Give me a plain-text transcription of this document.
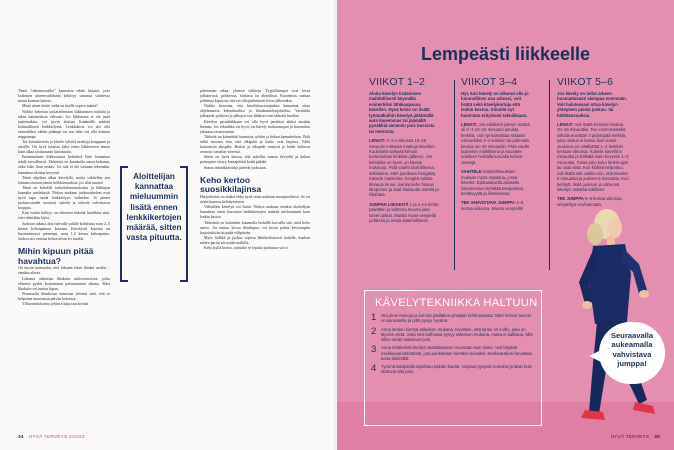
Tämä ”rakennusvaihe” kannattaa tehdä hitaasti, jotta kudosten aineenvaihdunta kehittyy samassa suhteessa muun kunnon kanssa.

Mistä sitten tietää, mikä on itselle sopiva määrä?

Nirkko kehottaa tarkastelemaan liikkumisen määrää ja aikaa tuntemuksia vahvasti. Jos liikkuessa ei ole juuri tuntemuksia, voi hyvin aloittaa lisäämällä määrää kohtuullisesti lenkkeilyssä. Lenkkikerta voi siis olla esimerkiksi vähän pidempi tai sen tahti voi olla hieman reippaampi.

Tee kotiaskereita ja kävele lyhyitä matkoja kauppaan ja asioille. On hyvä totuttaa keho ensin liikkeeseen ennen kuin alkaa rasittamaan harrastusta.

Ensimmäinen liikkuvuutta kehittävä liike kannattaa tehdä turvallisesti. Tärkeintä on kuunnella omaa kehoaan, onko liike liian raskas. Jos sitä ei ole tottunut tekemään, kannattaa aloittaa kevyesti.

Tämä ohjelma alkaa kävelyllä, mutta vähitellen sen lomaan otetaan pieniä hölkkäosuuksia, jos siltä tuntuu!

Tämä on kehollle tarkoituksenmukaista ja liikkujan kannalta mielekästä. Nirkon mukaan juoksuaskeleet ovat hyvä tapa tuoda lenkkeilyyn vaihtelua. Jo pienet juoksuosuudet nostavat sykettä ja tekevät vahvistavat kroppaa.

Kun vauhti kiihtyy, on ehtoinen tärkeää huolehtia siitä, ettei tekniikka kärsi.

Juoksun aikana alas tulevalle jalalle kohdistuu noin 2–5 kertaa kehonpainon kuorma. Kävelyssä kuorma on huomattavasti pienempi, noin 1,2 kertaa kehonpaino. Juoksu siis rasittaa kehoa aivan eri tavalla.

Mihin kipuun pitää havahtua?

On täysin normaalia, että liikunta tekee lihaksi aroiksi – etenkin alussa.

Liikunta aiheuttaa lihaksiin mikrovaurioita, jotka elimistö pyrkii korjaamaan palautumisen aikana. Siksi lihaksiin voi tuntua kipua.

Normaalin lihaskivun tunnistaa yleensä siitä, että se helpottaa muutaman päivän kuluessa.

Yliluormituksesta johtuva kipu taas kestää

Aloittelijan kannattaa mieluummin lisätä ennen lenkkikertojen määrää, sitten vasta pituutta.

pidemmän aikaa, yleensä viikkoja. Tyypillisimpiä ovat kivut jalkaterissä, pohkeissa, lonkissa tai alaselässä. Kuormitus saattaa pahentaa kipua tai sitä voi olla pidemmän levon jälkeenkin.

Nirkko korostaa, että kävelyharrastajankin kannattaa ottaa ohjelmaansa kehonhuoltoa ja lihaskuntoharjoittelua. Varsinkin jalkaterät, pohkeet ja jalkojen isot lihakset ovat tärkeitä huoltaa.

Kävelyn peruskiihkaan voi olla hyvä perehtyä aluksi ainakin hieman. Jos tekniikka on hyvä, on kävely mukavampaa ja kuormitus jakautuu tasaisemmin.

Tärkeää on kiinnittää huomiota ryhtiin ja kehon kannatteluun. Pidä selkä suorana niin, että olkapäät ja lantio ovat linjassa. Vältä katsomista alaspäin. Hartiat ja olkapäät rennosti ja kädet heiluvat rennosti vartalon vieressä.

Sitten on hyvä katsoa, että askellus tuntuu kevyeltä ja kehon painopiste siirtyy kantapäästä kohti päkiää.

Samat tekniikkavinkit pätevät juoksuun.

Keho kertoo suosikkilajinsa

Harjoittelusi on aluksi ehkä hyvä ottaa mukaan monipuolisesti. Se on avain kunnon kehittymiseen.

Vähitellen kävelyä voi lisätä. Nirkon mukaan etenkin aloittelijan kannattaa ensin kasvattaa lenkkikertojen määrää mieluummin kuin lenkin kestoa.

Tärkeintä on kuitenkin kuunnella herkällä korvalla sitä, mitä keho sanoo. Jos tuntuu kovaa lihaskipua, voi hyvin palata kevyempiin harjoituksiin tai pitää välipäivän.

Myös hölkkä ja juoksu sopivat lähtökohtaisesti kaikille, kunhan niiden pariin siirrytään maltilla.

Keho kyllä kertoo, tottuuko se lopulta juoksuun vai ei.

34 HYVÄ TERVEYS 2/2022
Lempeästi liikkeelle
VIIKOT 1–2
Aloita kävelyn lisäämisen mahdollisesti käymällä esimerkiksi lähikaupassa kävellen. Hyvä keino on lisätä työmatkoihin kävelyä jättämällä auto kauemmas tai jäämällä pysäkkiä aiemmin pois bussista tai metrosta.
LENKIT: 2–3 x viikossa 10–15 minuutin mittaisia matkoja kävellen. Kuulostele tarkasti kehosi tuntemuksia lenkkien jälkeen. Jos tekniikka on hyvä, on kävely mukavaa. Pidä vauhti rauhallisena, sellaisena, ettet juurikaan hengästy. Katsele maisemia, hengitä raitista ilmaa ja tunne, kuinka keho hiukan lämpenee ja saat tilaisuutta miettiä ja liikahtaa.
JUMPAN LIIKKEITÄ 1 ja 2 voi tehdä päivittäin ja kahtena muuna joka toinen päivä. Muista myös venytellä pohkeita ja reisiä säännöllisesti.
VIIKOT 3–4
Hyt, kun kävely on alkanut olla jo luonnollinen osa arkeasi, voit lisätä sekä kävelykertoja että lenkin kestoa. Kiinnitä nyt huomiota erityisesti tekniikkaan.
LENKIT: Jos edellisen jakson määrä oli 2–3 10–15 minuutin pituista lenkkiä, voit nyt kasvattaa määrän esimerkiksi 3–4 lenkkiin tai pidentää kestoa 15–30 minuuttiin. Pidä vauhti kuitenkin maltillisena ja kuuntele edelleen herkällä korvalla kehosi viestejä.
VAIHTELE mahdollisuuksien mukaan myös maastoa, jossa kävelet. Epätasaisella alustalla käveleminen kehittää tasapainoa, kestävyyttä ja lihaskuntoa.
TEE VAHVISTAVA JUMPPA 4–5 kertaa viikossa. Muista venytellä!
VIIKOT 5–6
Jos kävely on tullut arkeen huomattavasti aiempaa enemmän. Voit halutessasi ottaa kävelyn yhteyteen pieniä juoksu- tai hölkkäosuuksia.
LENKIT: Voit lisätä lenkkien kestoa 30–45 minuuttiin. Tee ensimmäisellä viikolla enintään 3 pidempää lenkkiä, jotta rasitus ei kasva liian isoksi. Juoksua voi sisällyttää 1–2 lenkkiin kertaan viikossa. Kokeile kävellä 5 minuuttia ja hölkätä siten kevyesti 1–2 minuuttia. Toista joko koko lenkin ajan tai osan siitä. Kun hölkkä helpottuu, voit lisätä sitä vaikka niin, että kävelet 5 minuuttia ja juokset 5 minuuttia. Kun kehitytt, lisää juoksun ja vähennä kävelyn määrää edelleen.
TEE JUMPPA 5–6 kertaa viikossa, venytellyä unohtamatta.
KÄVELYTEKNIIKKA HALTUUN
1	Ota pieni etunoja ja kohota päälakea ylöspäin kohti taivasta. Näin kehosi asento on kannateltu ja ryhti pysyy hyvänä.
2	Anna lantion kiertyä askeleen mukana. Kuvittele, että lantio on kulho, joka on täynnä vettä. Jotta vesi kulhossa pysyy askeleen mukana, mutta ei kallistua, sillä sillon vedet valuisivat pois.
3	Anna rintakehän kiertyä vastakkaiseen suuntaan kuin lantio. Voit käyttää mielikuvaa tiskirätistä, jota puristetaan kiertäen kuivaksi. Keskivartalosi kuvastaa tuota tiskirättiä.
4	Työnnä takajalalla tapahtuu päkiän kautta. Varpaat pysyvät rentoina ja lääin kuin tahtuvat alta pois.
Seuraavalla aukeamalla vahvistava jumppa!
HYVÄ TERVEYS 35
